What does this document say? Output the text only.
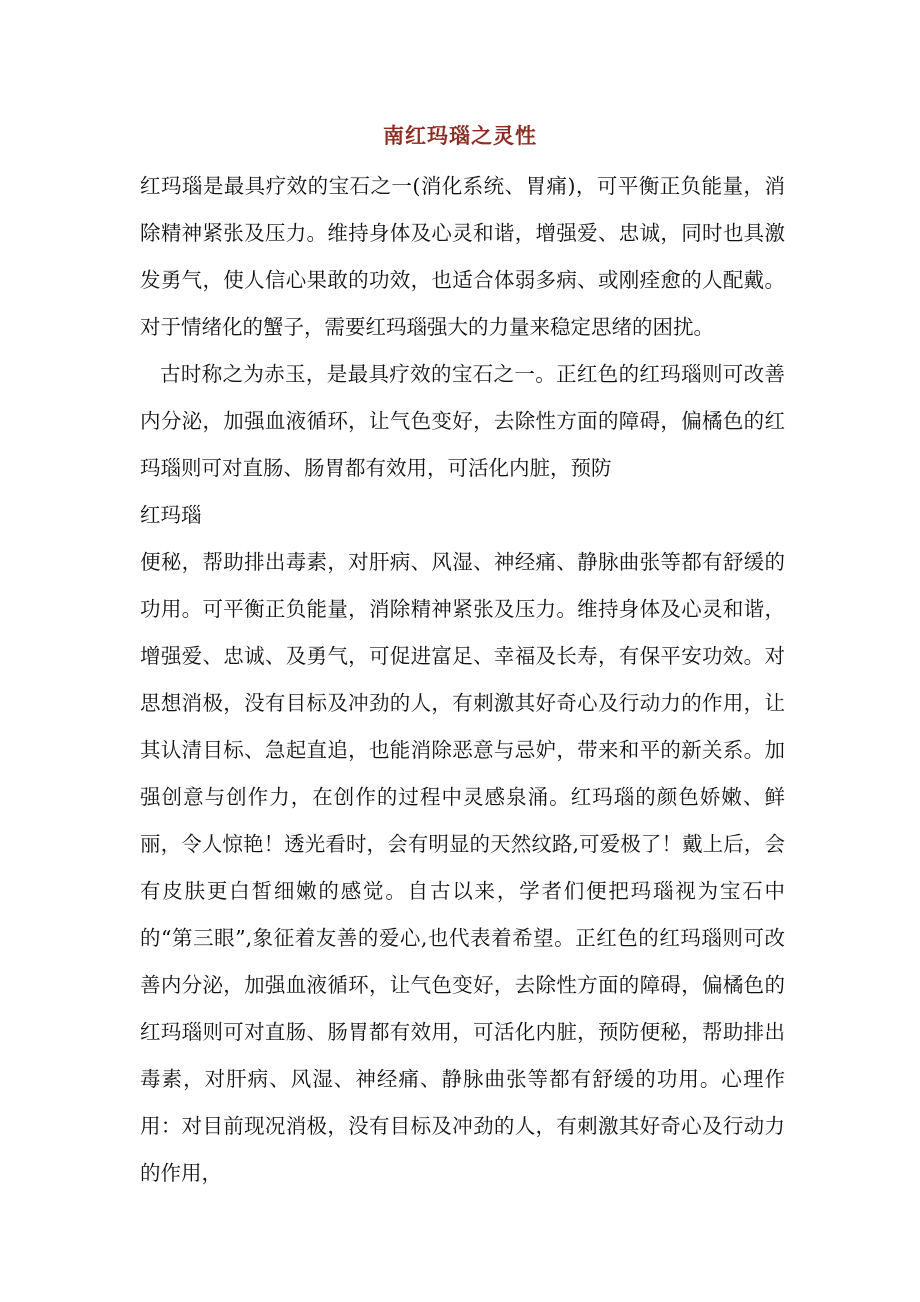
南红玛瑙之灵性

红玛瑙是最具疗效的宝石之一(消化系统、胃痛)，可平衡正负能量，消除精神紧张及压力。维持身体及心灵和谐，增强爱、忠诚，同时也具激发勇气，使人信心果敢的功效，也适合体弱多病、或刚痊愈的人配戴。对于情绪化的蟹子，需要红玛瑙强大的力量来稳定思绪的困扰。

古时称之为赤玉，是最具疗效的宝石之一。正红色的红玛瑙则可改善内分泌，加强血液循环，让气色变好，去除性方面的障碍，偏橘色的红玛瑙则可对直肠、肠胃都有效用，可活化内脏，预防

红玛瑙

便秘，帮助排出毒素，对肝病、风湿、神经痛、静脉曲张等都有舒缓的功用。可平衡正负能量，消除精神紧张及压力。维持身体及心灵和谐，增强爱、忠诚、及勇气，可促进富足、幸福及长寿，有保平安功效。对思想消极，没有目标及冲劲的人，有刺激其好奇心及行动力的作用，让其认清目标、急起直追，也能消除恶意与忌妒，带来和平的新关系。加强创意与创作力，在创作的过程中灵感泉涌。红玛瑙的颜色娇嫩、鲜丽，令人惊艳！透光看时，会有明显的天然纹路,可爱极了！戴上后，会有皮肤更白皙细嫩的感觉。自古以来，学者们便把玛瑙视为宝石中的“第三眼”,象征着友善的爱心,也代表着希望。正红色的红玛瑙则可改善内分泌，加强血液循环，让气色变好，去除性方面的障碍，偏橘色的红玛瑙则可对直肠、肠胃都有效用，可活化内脏，预防便秘，帮助排出毒素，对肝病、风湿、神经痛、静脉曲张等都有舒缓的功用。心理作用：对目前现况消极，没有目标及冲劲的人，有刺激其好奇心及行动力的作用，
